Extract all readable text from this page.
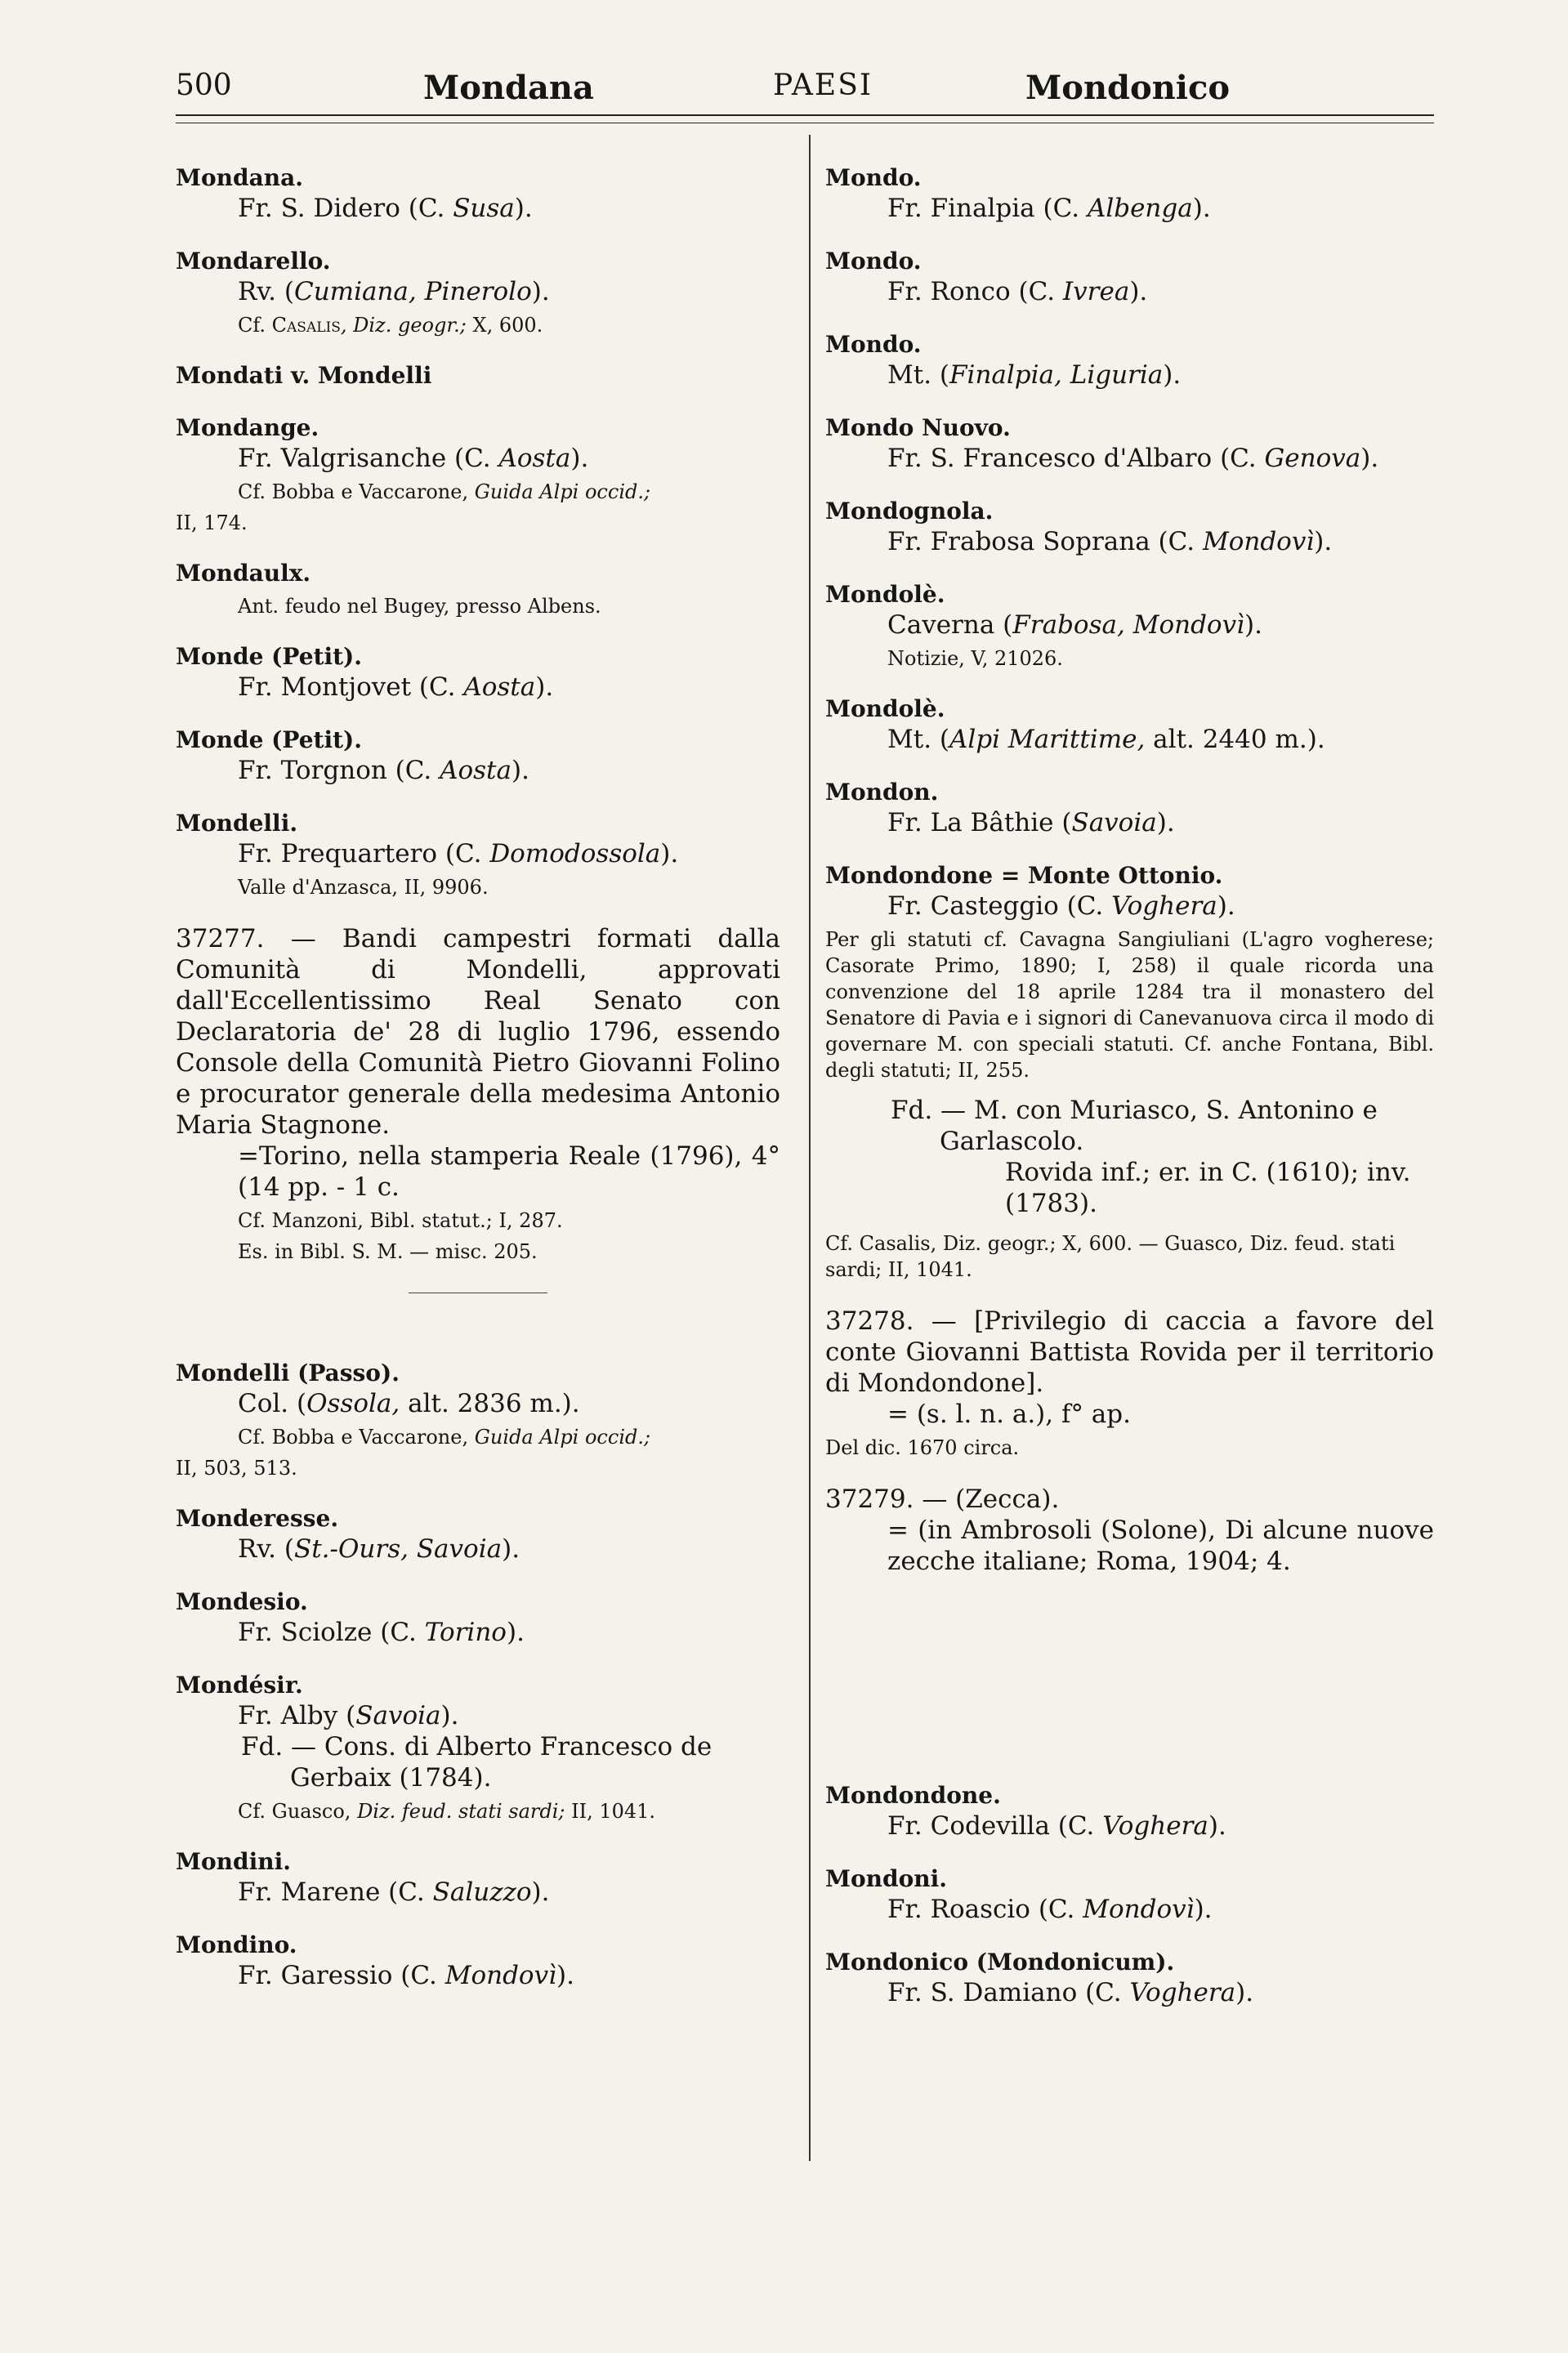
500	Mondana	PAESI	Mondonico
Mondana.
Fr. S. Didero (C. Susa).
Mondarello.
Rv. (Cumiana, Pinerolo).
Cf. Casalis, Diz. geogr.; X, 600.
Mondati v. Mondelli
Mondange.
Fr. Valgrisanche (C. Aosta).
Cf. Bobba e Vaccarone, Guida Alpi occid.;
II, 174.
Mondaulx.
Ant. feudo nel Bugey, presso Albens.
Monde (Petit).
Fr. Montjovet (C. Aosta).
Monde (Petit).
Fr. Torgnon (C. Aosta).
Mondelli.
Fr. Prequartero (C. Domodossola).
Valle d'Anzasca, II, 9906.
37277. — Bandi campestri formati dalla Comunità di Mondelli, approvati dall'Eccellentissimo Real Senato con Declaratoria de' 28 di luglio 1796, essendo Console della Comunità Pietro Giovanni Folino e procurator generale della medesima Antonio Maria Stagnone.
=Torino, nella stamperia Reale (1796), 4° (14 pp. - 1 c.
Cf. Manzoni, Bibl. statut.; I, 287.
Es. in Bibl. S. M. — misc. 205.
Mondelli (Passo).
Col. (Ossola, alt. 2836 m.).
Cf. Bobba e Vaccarone, Guida Alpi occid.;
II, 503, 513.
Monderesse.
Rv. (St.-Ours, Savoia).
Mondesio.
Fr. Sciolze (C. Torino).
Mondésir.
Fr. Alby (Savoia).
Fd. — Cons. di Alberto Francesco de Gerbaix (1784).
Cf. Guasco, Diz. feud. stati sardi; II, 1041.
Mondini.
Fr. Marene (C. Saluzzo).
Mondino.
Fr. Garessio (C. Mondovì).
Mondo.
Fr. Finalpia (C. Albenga).
Mondo.
Fr. Ronco (C. Ivrea).
Mondo.
Mt. (Finalpia, Liguria).
Mondo Nuovo.
Fr. S. Francesco d'Albaro (C. Genova).
Mondognola.
Fr. Frabosa Soprana (C. Mondovì).
Mondolè.
Caverna (Frabosa, Mondovì).
Notizie, V, 21026.
Mondolè.
Mt. (Alpi Marittime, alt. 2440 m.).
Mondon.
Fr. La Bâthie (Savoia).
Mondondone = Monte Ottonio.
Fr. Casteggio (C. Voghera).
Per gli statuti cf. Cavagna Sangiuliani (L'agro vogherese; Casorate Primo, 1890; I, 258) il quale ricorda una convenzione del 18 aprile 1284 tra il monastero del Senatore di Pavia e i signori di Canevanuova circa il modo di governare M. con speciali statuti. Cf. anche Fontana, Bibl. degli statuti; II, 255.
Fd. — M. con Muriasco, S. Antonino e Garlascolo.
Rovida inf.; er. in C. (1610); inv. (1783).
Cf. Casalis, Diz. geogr.; X, 600. — Guasco, Diz. feud. stati sardi; II, 1041.
37278. — [Privilegio di caccia a favore del conte Giovanni Battista Rovida per il territorio di Mondondone].
= (s. l. n. a.), f° ap.
Del dic. 1670 circa.
37279. — (Zecca).
= (in Ambrosoli (Solone), Di alcune nuove zecche italiane; Roma, 1904; 4.
Mondondone.
Fr. Codevilla (C. Voghera).
Mondoni.
Fr. Roascio (C. Mondovì).
Mondonico (Mondonicum).
Fr. S. Damiano (C. Voghera).
